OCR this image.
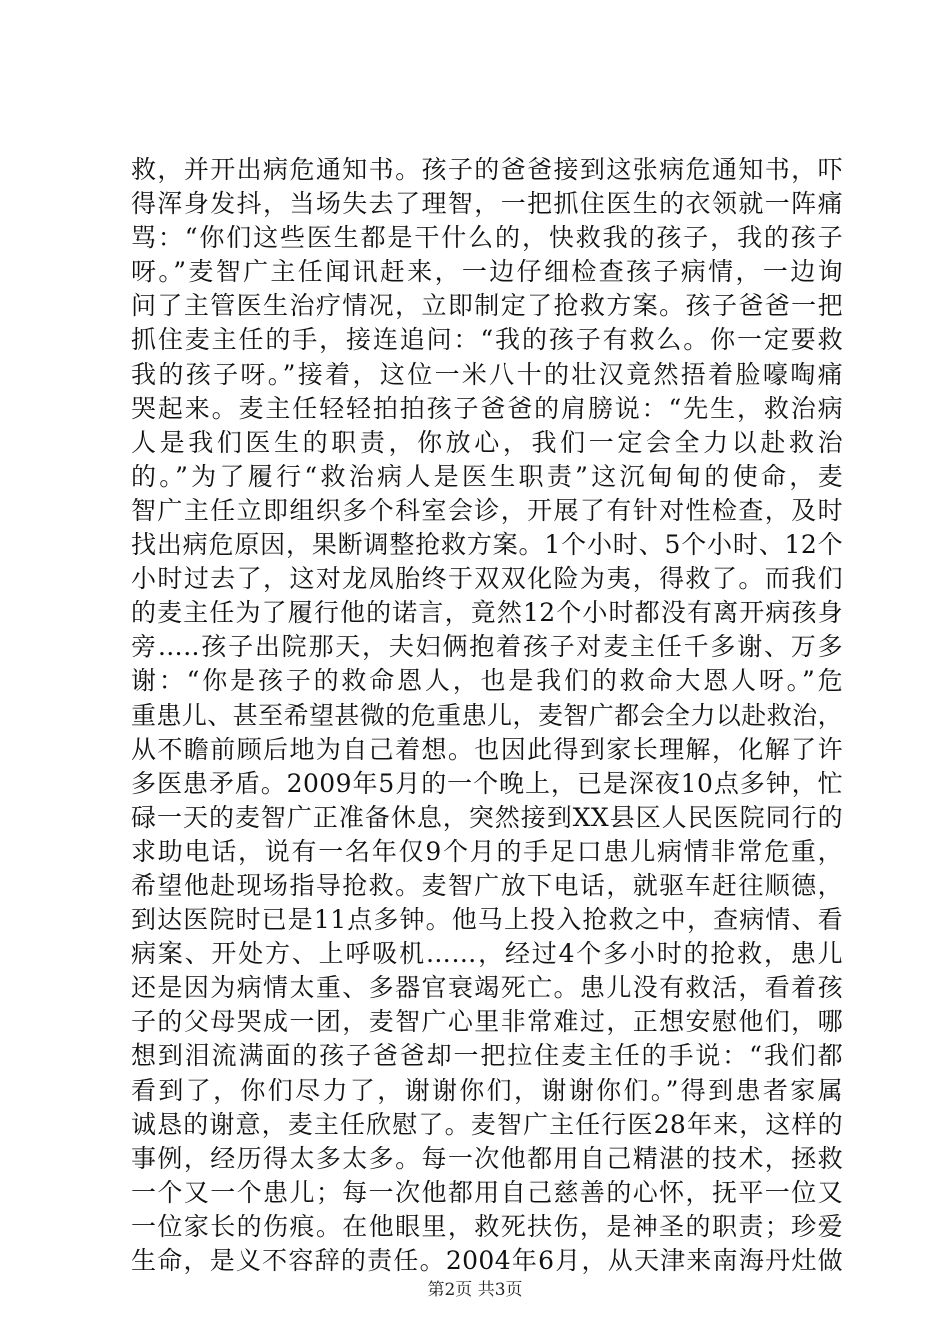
救，并开出病危通知书。孩子的爸爸接到这张病危通知书，吓
得浑身发抖，当场失去了理智，一把抓住医生的衣领就一阵痛
骂：“你们这些医生都是干什么的，快救我的孩子，我的孩子
呀。”麦智广主任闻讯赶来，一边仔细检查孩子病情，一边询
问了主管医生治疗情况，立即制定了抢救方案。孩子爸爸一把
抓住麦主任的手，接连追问：“我的孩子有救么。你一定要救
我的孩子呀。”接着，这位一米八十的壮汉竟然捂着脸嚎啕痛
哭起来。麦主任轻轻拍拍孩子爸爸的肩膀说：“先生，救治病
人是我们医生的职责，你放心，我们一定会全力以赴救治
的。”为了履行“救治病人是医生职责”这沉甸甸的使命，麦
智广主任立即组织多个科室会诊，开展了有针对性检查，及时
找出病危原因，果断调整抢救方案。1个小时、5个小时、12个
小时过去了，这对龙凤胎终于双双化险为夷，得救了。而我们
的麦主任为了履行他的诺言，竟然12个小时都没有离开病孩身
旁…..孩子出院那天，夫妇俩抱着孩子对麦主任千多谢、万多
谢：“你是孩子的救命恩人，也是我们的救命大恩人呀。”危
重患儿、甚至希望甚微的危重患儿，麦智广都会全力以赴救治，
从不瞻前顾后地为自己着想。也因此得到家长理解，化解了许
多医患矛盾。2009年5月的一个晚上，已是深夜10点多钟，忙
碌一天的麦智广正准备休息，突然接到XX县区人民医院同行的
求助电话，说有一名年仅9个月的手足口患儿病情非常危重，
希望他赴现场指导抢救。麦智广放下电话，就驱车赶往顺德，
到达医院时已是11点多钟。他马上投入抢救之中，查病情、看
病案、开处方、上呼吸机……，经过4个多小时的抢救，患儿
还是因为病情太重、多器官衰竭死亡。患儿没有救活，看着孩
子的父母哭成一团，麦智广心里非常难过，正想安慰他们，哪
想到泪流满面的孩子爸爸却一把拉住麦主任的手说：“我们都
看到了，你们尽力了，谢谢你们，谢谢你们。”得到患者家属
诚恳的谢意，麦主任欣慰了。麦智广主任行医28年来，这样的
事例，经历得太多太多。每一次他都用自己精湛的技术，拯救
一个又一个患儿；每一次他都用自己慈善的心怀，抚平一位又
一位家长的伤痕。在他眼里，救死扶伤，是神圣的职责；珍爱
生命，是义不容辞的责任。2004年6月，从天津来南海丹灶做
第2页 共3页
